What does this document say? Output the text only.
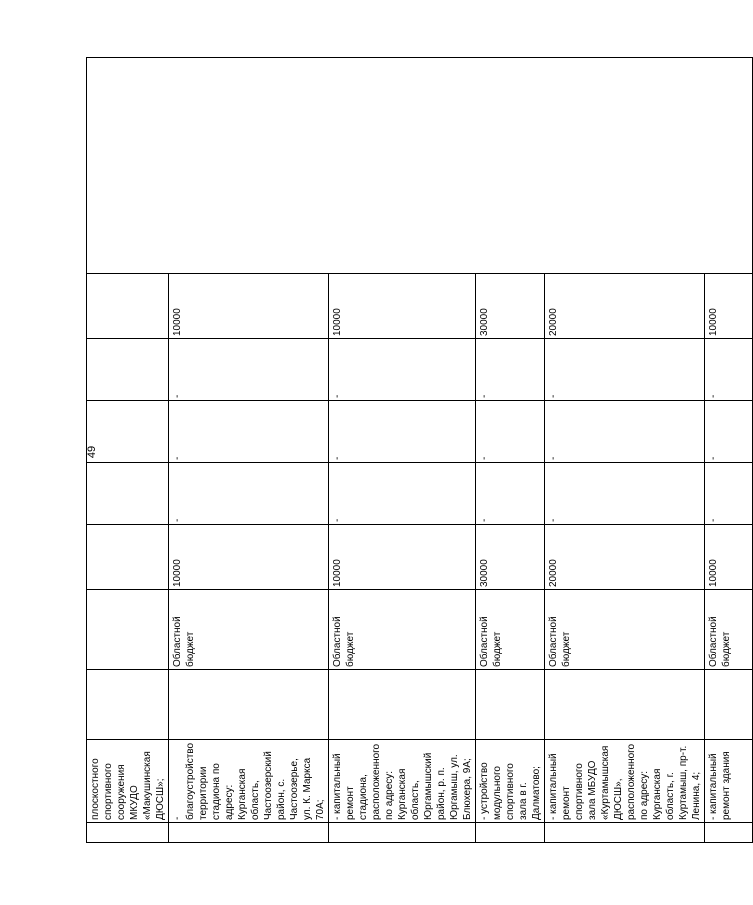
49
	плоскостного спортивного сооружения МКУДО «Макушинская ДЮСШ»;								
	- благоустройство территории стадиона по адресу: Курганская область, Частоозерский район, с. Частоозерье, ул. К. Маркса 70А;		Областной бюджет	10000	-	-	-	10000	
	- капитальный ремонт стадиона, расположенного по адресу: Курганская область, Юргамышский район, р. п. Юргамыш, ул. Блюхера, 9А;		Областной бюджет	10000	-	-	-	10000	
	- устройство модульного спортивного зала в г. Далматово;		Областной бюджет	30000	-	-	-	30000	
	- капитальный ремонт спортивного зала МБУДО «Куртамышская ДЮСШ», расположенного по адресу: Курганская область, г. Куртамыш, пр-т. Ленина, 4;		Областной бюджет	20000	-	-	-	20000	
	- капитальный ремонт здания		Областной бюджет	10000	-	-	-	10000	
